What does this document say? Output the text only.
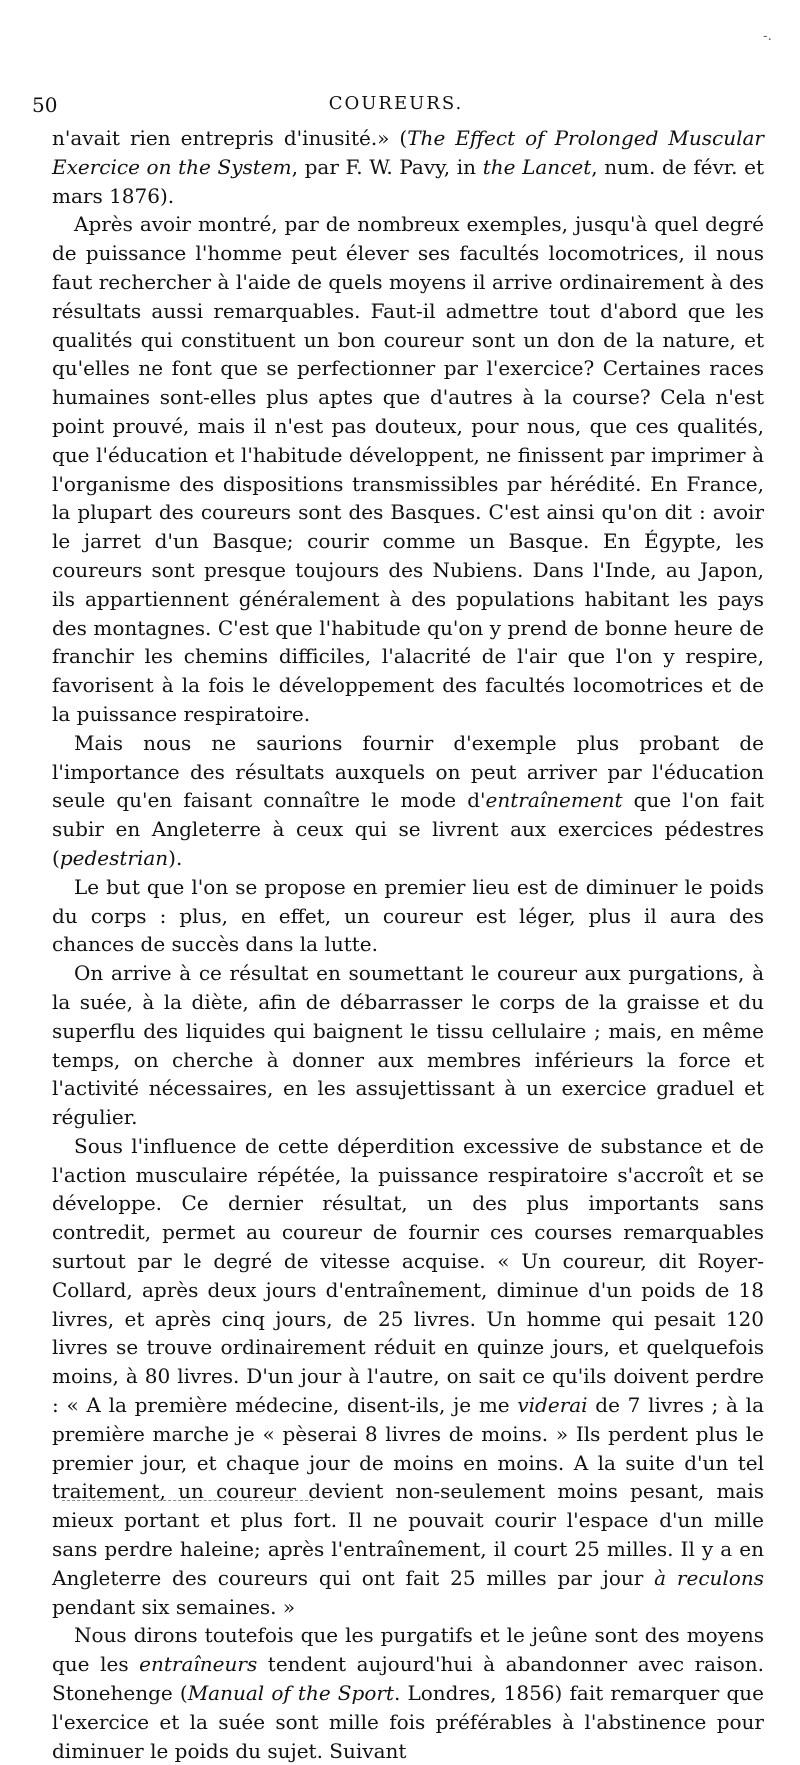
-.
50	COUREURS.

n'avait rien entrepris d'inusité.» (The Effect of Prolonged Muscular Exercice on the System, par F. W. Pavy, in the Lancet, num. de févr. et mars 1876).

Après avoir montré, par de nombreux exemples, jusqu'à quel degré de puissance l'homme peut élever ses facultés locomotrices, il nous faut rechercher à l'aide de quels moyens il arrive ordinairement à des résultats aussi remarquables. Faut-il admettre tout d'abord que les qualités qui constituent un bon coureur sont un don de la nature, et qu'elles ne font que se perfectionner par l'exercice? Certaines races humaines sont-elles plus aptes que d'autres à la course? Cela n'est point prouvé, mais il n'est pas douteux, pour nous, que ces qualités, que l'éducation et l'habitude développent, ne finissent par imprimer à l'organisme des dispositions transmissibles par hérédité. En France, la plupart des coureurs sont des Basques. C'est ainsi qu'on dit : avoir le jarret d'un Basque; courir comme un Basque. En Égypte, les coureurs sont presque toujours des Nubiens. Dans l'Inde, au Japon, ils appartiennent généralement à des populations habitant les pays des montagnes. C'est que l'habitude qu'on y prend de bonne heure de franchir les chemins difficiles, l'alacrité de l'air que l'on y respire, favorisent à la fois le développement des facultés locomotrices et de la puissance respiratoire.

Mais nous ne saurions fournir d'exemple plus probant de l'importance des résultats auxquels on peut arriver par l'éducation seule qu'en faisant connaître le mode d'entraînement que l'on fait subir en Angleterre à ceux qui se livrent aux exercices pédestres (pedestrian).

Le but que l'on se propose en premier lieu est de diminuer le poids du corps : plus, en effet, un coureur est léger, plus il aura des chances de succès dans la lutte.

On arrive à ce résultat en soumettant le coureur aux purgations, à la suée, à la diète, afin de débarrasser le corps de la graisse et du superflu des liquides qui baignent le tissu cellulaire ; mais, en même temps, on cherche à donner aux membres inférieurs la force et l'activité nécessaires, en les assujettissant à un exercice graduel et régulier.

Sous l'influence de cette déperdition excessive de substance et de l'action musculaire répétée, la puissance respiratoire s'accroît et se développe. Ce dernier résultat, un des plus importants sans contredit, permet au coureur de fournir ces courses remarquables surtout par le degré de vitesse acquise. « Un coureur, dit Royer-Collard, après deux jours d'entraînement, diminue d'un poids de 18 livres, et après cinq jours, de 25 livres. Un homme qui pesait 120 livres se trouve ordinairement réduit en quinze jours, et quelquefois moins, à 80 livres. D'un jour à l'autre, on sait ce qu'ils doivent perdre : « A la première médecine, disent-ils, je me viderai de 7 livres ; à la première marche je « pèserai 8 livres de moins. » Ils perdent plus le premier jour, et chaque jour de moins en moins. A la suite d'un tel traitement, un coureur devient non-seulement moins pesant, mais mieux portant et plus fort. Il ne pouvait courir l'espace d'un mille sans perdre haleine; après l'entraînement, il court 25 milles. Il y a en Angleterre des coureurs qui ont fait 25 milles par jour à reculons pendant six semaines. »

Nous dirons toutefois que les purgatifs et le jeûne sont des moyens que les entraîneurs tendent aujourd'hui à abandonner avec raison. Stonehenge (Manual of the Sport. Londres, 1856) fait remarquer que l'exercice et la suée sont mille fois préférables à l'abstinence pour diminuer le poids du sujet. Suivant
